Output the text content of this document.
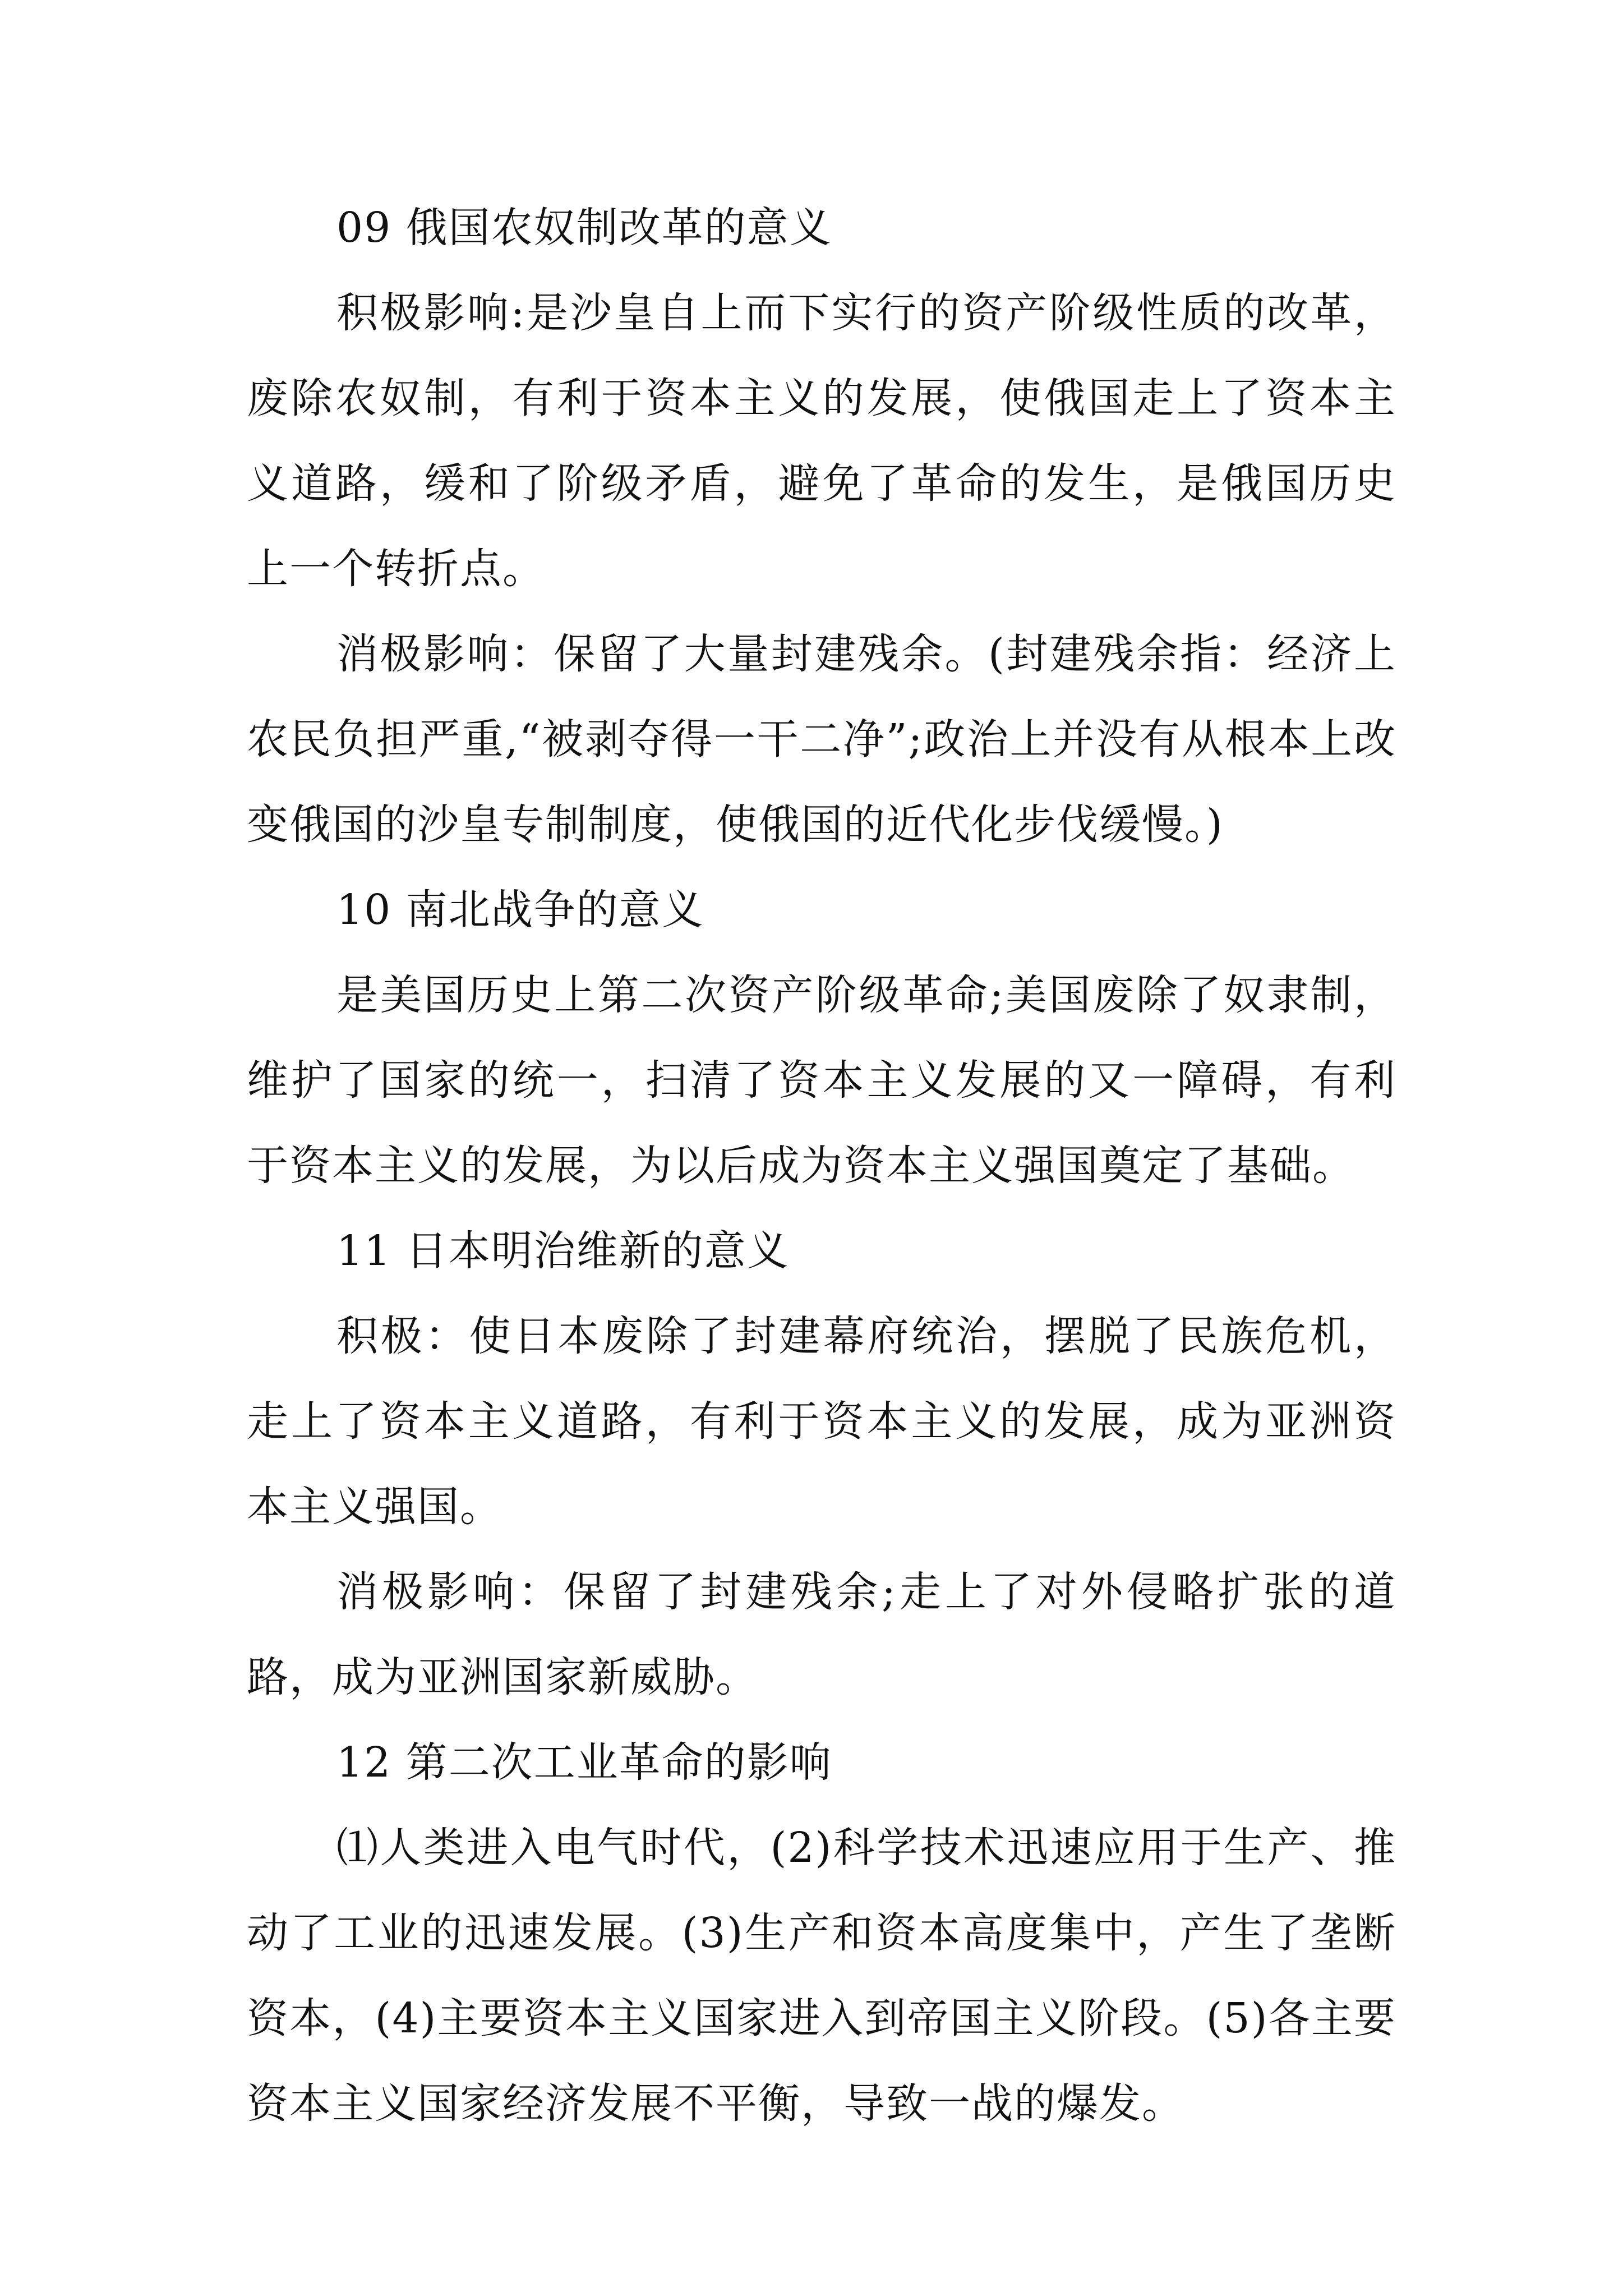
09 俄国农奴制改革的意义

积极影响:是沙皇自上而下实行的资产阶级性质的改革，废除农奴制，有利于资本主义的发展，使俄国走上了资本主义道路，缓和了阶级矛盾，避免了革命的发生，是俄国历史上一个转折点。

消极影响：保留了大量封建残余。(封建残余指：经济上农民负担严重,“被剥夺得一干二净”;政治上并没有从根本上改变俄国的沙皇专制制度，使俄国的近代化步伐缓慢。)

10 南北战争的意义

是美国历史上第二次资产阶级革命;美国废除了奴隶制，维护了国家的统一，扫清了资本主义发展的又一障碍，有利于资本主义的发展，为以后成为资本主义强国奠定了基础。

11 日本明治维新的意义

积极：使日本废除了封建幕府统治，摆脱了民族危机，走上了资本主义道路，有利于资本主义的发展，成为亚洲资本主义强国。

消极影响：保留了封建残余;走上了对外侵略扩张的道路，成为亚洲国家新威胁。

12 第二次工业革命的影响

⑴人类进入电气时代，(2)科学技术迅速应用于生产、推动了工业的迅速发展。(3)生产和资本高度集中，产生了垄断资本，(4)主要资本主义国家进入到帝国主义阶段。(5)各主要资本主义国家经济发展不平衡，导致一战的爆发。
